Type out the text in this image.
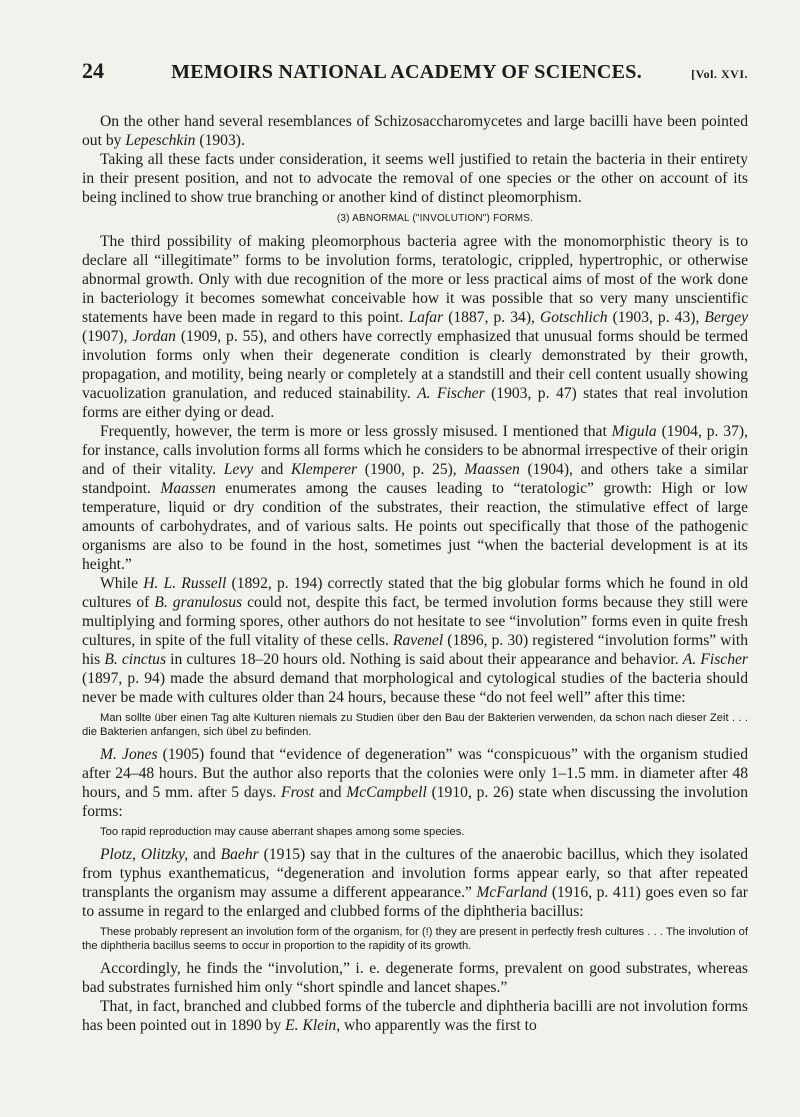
24	MEMOIRS NATIONAL ACADEMY OF SCIENCES.	[Vol. XVI.

On the other hand several resemblances of Schizosaccharomycetes and large bacilli have been pointed out by Lepeschkin (1903).

Taking all these facts under consideration, it seems well justified to retain the bacteria in their entirety in their present position, and not to advocate the removal of one species or the other on account of its being inclined to show true branching or another kind of distinct pleomorphism.

(3) ABNORMAL ("INVOLUTION") FORMS.

The third possibility of making pleomorphous bacteria agree with the monomorphistic theory is to declare all “illegitimate” forms to be involution forms, teratologic, crippled, hypertrophic, or otherwise abnormal growth. Only with due recognition of the more or less practical aims of most of the work done in bacteriology it becomes somewhat conceivable how it was possible that so very many unscientific statements have been made in regard to this point. Lafar (1887, p. 34), Gotschlich (1903, p. 43), Bergey (1907), Jordan (1909, p. 55), and others have correctly emphasized that unusual forms should be termed involution forms only when their degenerate condition is clearly demonstrated by their growth, propagation, and motility, being nearly or completely at a standstill and their cell content usually showing vacuolization granulation, and reduced stainability. A. Fischer (1903, p. 47) states that real involution forms are either dying or dead.

Frequently, however, the term is more or less grossly misused. I mentioned that Migula (1904, p. 37), for instance, calls involution forms all forms which he considers to be abnormal irrespective of their origin and of their vitality. Levy and Klemperer (1900, p. 25), Maassen (1904), and others take a similar standpoint. Maassen enumerates among the causes leading to “teratologic” growth: High or low temperature, liquid or dry condition of the substrates, their reaction, the stimulative effect of large amounts of carbohydrates, and of various salts. He points out specifically that those of the pathogenic organisms are also to be found in the host, sometimes just “when the bacterial development is at its height.”

While H. L. Russell (1892, p. 194) correctly stated that the big globular forms which he found in old cultures of B. granulosus could not, despite this fact, be termed involution forms because they still were multiplying and forming spores, other authors do not hesitate to see “involution” forms even in quite fresh cultures, in spite of the full vitality of these cells. Ravenel (1896, p. 30) registered “involution forms” with his B. cinctus in cultures 18–20 hours old. Nothing is said about their appearance and behavior. A. Fischer (1897, p. 94) made the absurd demand that morphological and cytological studies of the bacteria should never be made with cultures older than 24 hours, because these “do not feel well” after this time:

Man sollte über einen Tag alte Kulturen niemals zu Studien über den Bau der Bakterien verwenden, da schon nach dieser Zeit . . . die Bakterien anfangen, sich übel zu befinden.

M. Jones (1905) found that “evidence of degeneration” was “conspicuous” with the organism studied after 24–48 hours. But the author also reports that the colonies were only 1–1.5 mm. in diameter after 48 hours, and 5 mm. after 5 days. Frost and McCampbell (1910, p. 26) state when discussing the involution forms:

Too rapid reproduction may cause aberrant shapes among some species.

Plotz, Olitzky, and Baehr (1915) say that in the cultures of the anaerobic bacillus, which they isolated from typhus exanthematicus, “degeneration and involution forms appear early, so that after repeated transplants the organism may assume a different appearance.” McFarland (1916, p. 411) goes even so far to assume in regard to the enlarged and clubbed forms of the diphtheria bacillus:

These probably represent an involution form of the organism, for (!) they are present in perfectly fresh cultures . . . The involution of the diphtheria bacillus seems to occur in proportion to the rapidity of its growth.

Accordingly, he finds the “involution,” i. e. degenerate forms, prevalent on good substrates, whereas bad substrates furnished him only “short spindle and lancet shapes.”

That, in fact, branched and clubbed forms of the tubercle and diphtheria bacilli are not involution forms has been pointed out in 1890 by E. Klein, who apparently was the first to
